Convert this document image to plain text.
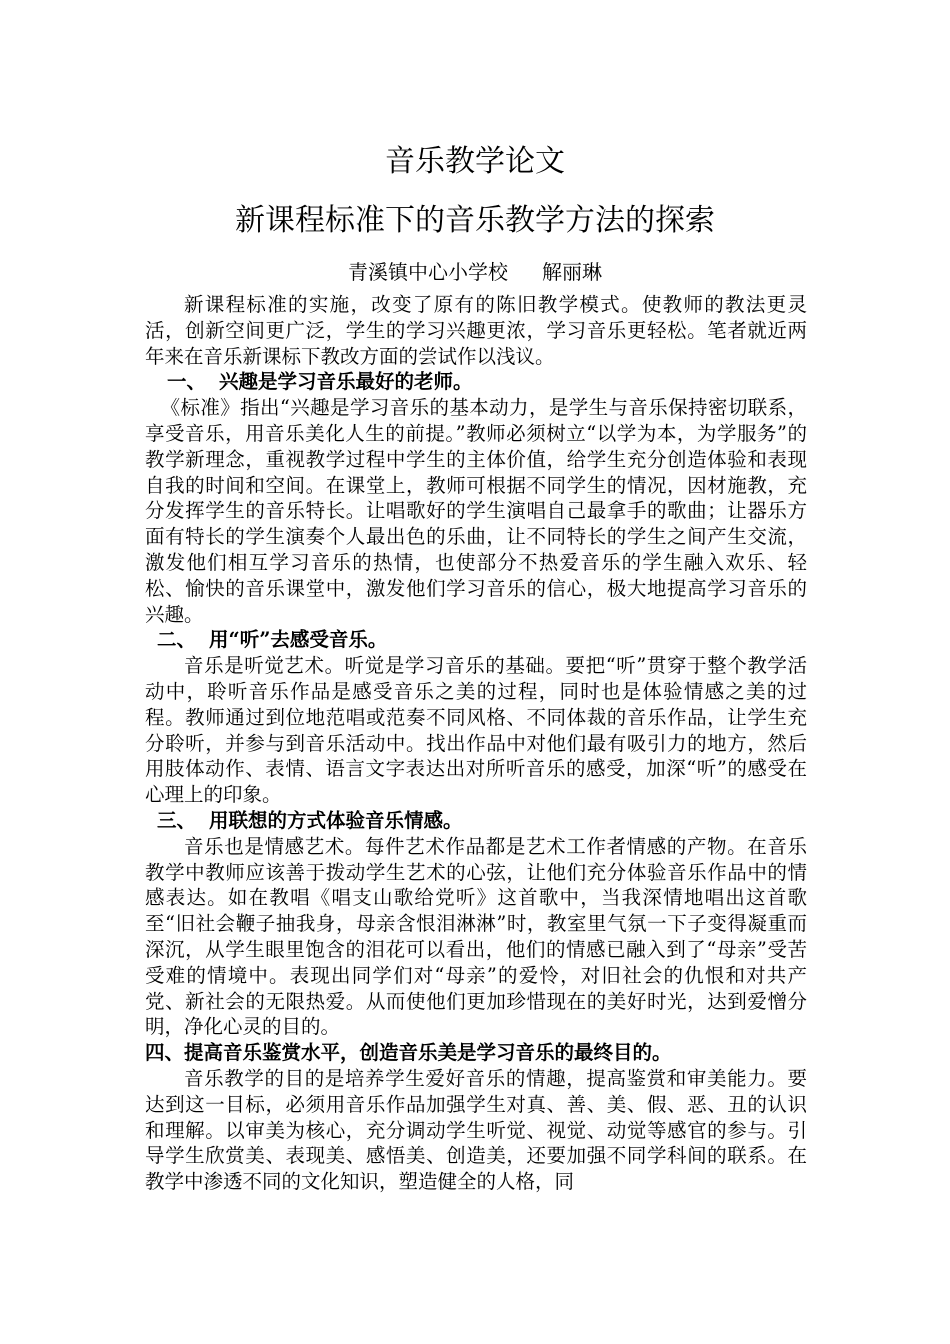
音乐教学论文
新课程标准下的音乐教学方法的探索
青溪镇中心小学校 解丽琳

新课程标准的实施，改变了原有的陈旧教学模式。使教师的教法更灵活，创新空间更广泛，学生的学习兴趣更浓，学习音乐更轻松。笔者就近两年来在音乐新课标下教改方面的尝试作以浅议。

一、 兴趣是学习音乐最好的老师。

《标准》指出“兴趣是学习音乐的基本动力，是学生与音乐保持密切联系，享受音乐，用音乐美化人生的前提。”教师必须树立“以学为本，为学服务”的教学新理念，重视教学过程中学生的主体价值，给学生充分创造体验和表现自我的时间和空间。在课堂上，教师可根据不同学生的情况，因材施教，充分发挥学生的音乐特长。让唱歌好的学生演唱自己最拿手的歌曲；让器乐方面有特长的学生演奏个人最出色的乐曲，让不同特长的学生之间产生交流，激发他们相互学习音乐的热情，也使部分不热爱音乐的学生融入欢乐、轻松、愉快的音乐课堂中，激发他们学习音乐的信心，极大地提高学习音乐的兴趣。

二、 用“听”去感受音乐。

音乐是听觉艺术。听觉是学习音乐的基础。要把“听”贯穿于整个教学活动中，聆听音乐作品是感受音乐之美的过程，同时也是体验情感之美的过程。教师通过到位地范唱或范奏不同风格、不同体裁的音乐作品，让学生充分聆听，并参与到音乐活动中。找出作品中对他们最有吸引力的地方，然后用肢体动作、表情、语言文字表达出对所听音乐的感受，加深“听”的感受在心理上的印象。

三、 用联想的方式体验音乐情感。

音乐也是情感艺术。每件艺术作品都是艺术工作者情感的产物。在音乐教学中教师应该善于拨动学生艺术的心弦，让他们充分体验音乐作品中的情感表达。如在教唱《唱支山歌给党听》这首歌中，当我深情地唱出这首歌至“旧社会鞭子抽我身，母亲含恨泪淋淋”时，教室里气氛一下子变得凝重而深沉，从学生眼里饱含的泪花可以看出，他们的情感已融入到了“母亲”受苦受难的情境中。表现出同学们对“母亲”的爱怜，对旧社会的仇恨和对共产党、新社会的无限热爱。从而使他们更加珍惜现在的美好时光，达到爱憎分明，净化心灵的目的。

四、提高音乐鉴赏水平，创造音乐美是学习音乐的最终目的。

音乐教学的目的是培养学生爱好音乐的情趣，提高鉴赏和审美能力。要达到这一目标，必须用音乐作品加强学生对真、善、美、假、恶、丑的认识和理解。以审美为核心，充分调动学生听觉、视觉、动觉等感官的参与。引导学生欣赏美、表现美、感悟美、创造美，还要加强不同学科间的联系。在教学中渗透不同的文化知识，塑造健全的人格，同
